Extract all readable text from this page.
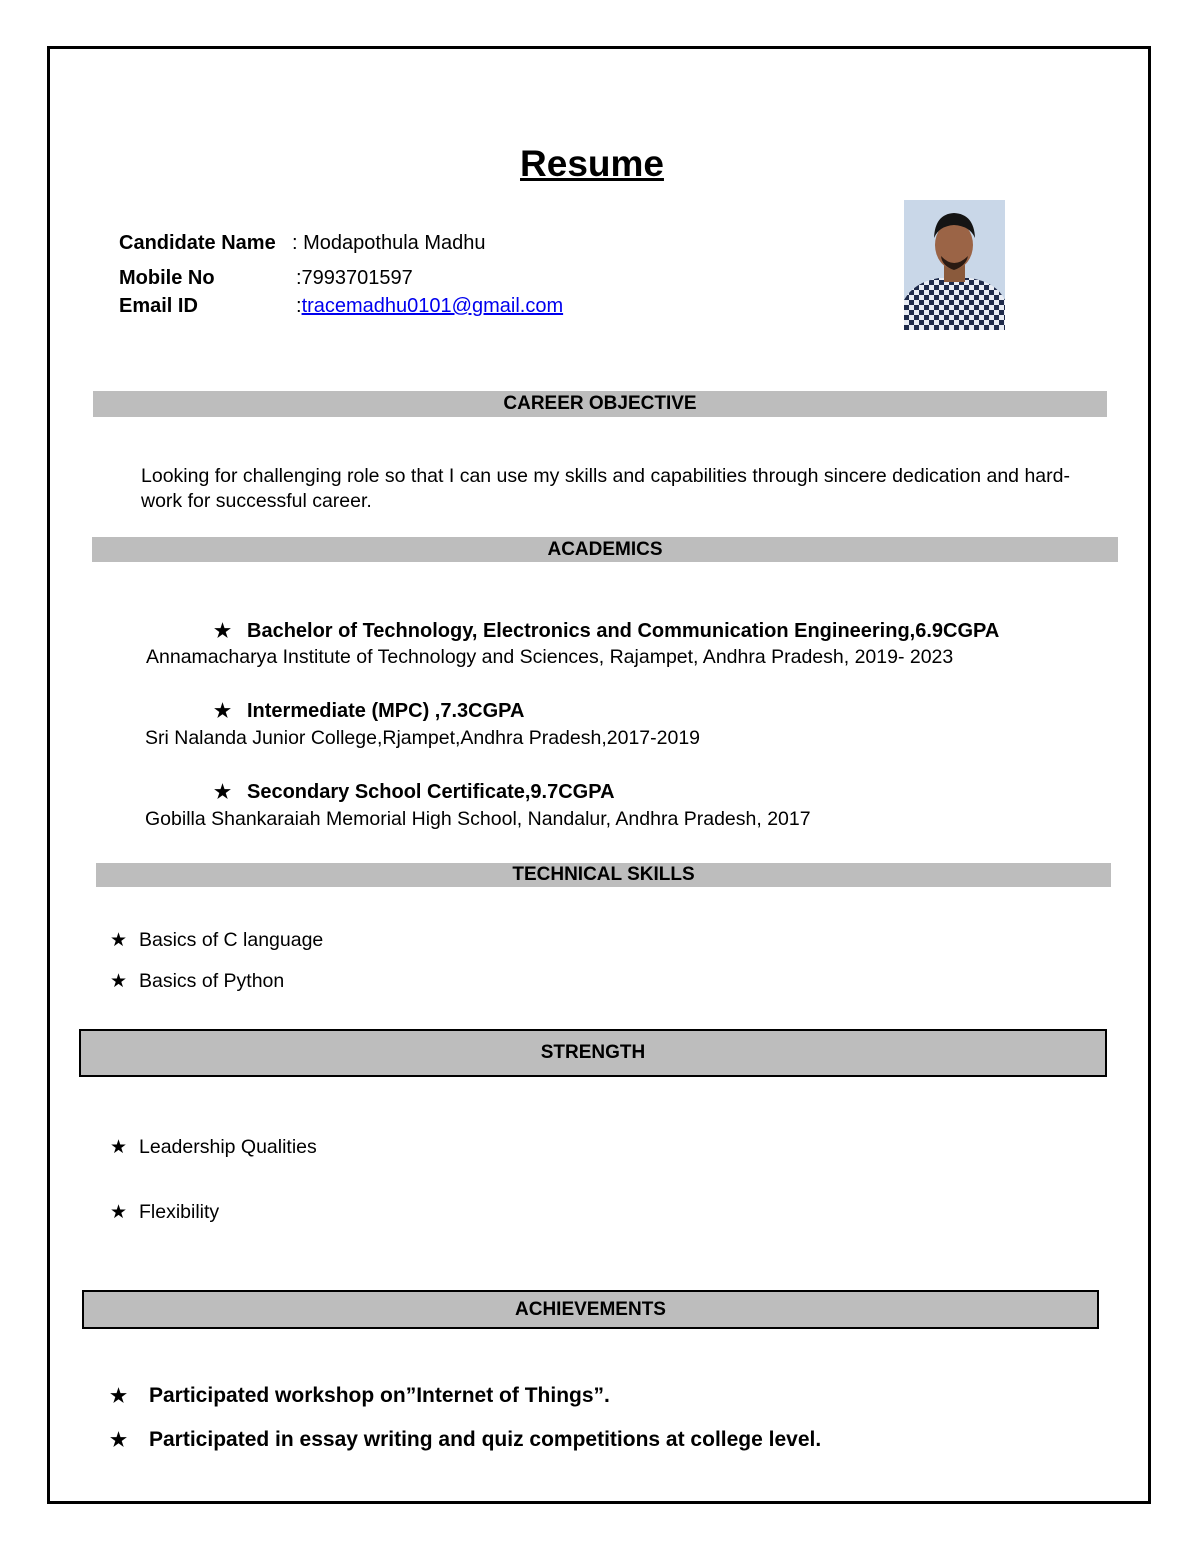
Resume
Candidate Name : Modapothula Madhu
Mobile No	:7993701597
Email ID	:tracemadhu0101@gmail.com
CAREER OBJECTIVE
Looking for challenging role so that I can use my skills and capabilities through sincere dedication and hard-work for successful career.
ACADEMICS
★ Bachelor of Technology, Electronics and Communication Engineering,6.9CGPA
Annamacharya Institute of Technology and Sciences, Rajampet, Andhra Pradesh, 2019- 2023
★ Intermediate (MPC) ,7.3CGPA
Sri Nalanda Junior College,Rjampet,Andhra Pradesh,2017-2019
★ Secondary School Certificate,9.7CGPA
Gobilla Shankaraiah Memorial High School, Nandalur, Andhra Pradesh, 2017
TECHNICAL SKILLS
★ Basics of C language
★ Basics of Python
STRENGTH
★ Leadership Qualities
★ Flexibility
ACHIEVEMENTS
★ Participated workshop on”Internet of Things”.
★ Participated in essay writing and quiz competitions at college level.
